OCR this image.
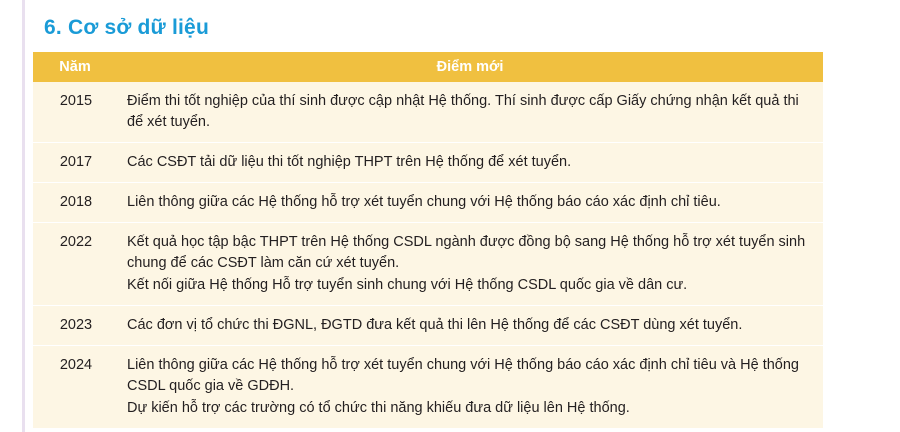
6. Cơ sở dữ liệu
Năm	Điểm mới
2015	Điểm thi tốt nghiệp của thí sinh được cập nhật Hệ thống. Thí sinh được cấp Giấy chứng nhận kết quả thi để xét tuyển.

2017	Các CSĐT tải dữ liệu thi tốt nghiệp THPT trên Hệ thống để xét tuyển.

2018	Liên thông giữa các Hệ thống hỗ trợ xét tuyển chung với Hệ thống báo cáo xác định chỉ tiêu.

2022	Kết quả học tập bậc THPT trên Hệ thống CSDL ngành được đồng bộ sang Hệ thống hỗ trợ xét tuyển sinh chung để các CSĐT làm căn cứ xét tuyển.

Kết nối giữa Hệ thống Hỗ trợ tuyển sinh chung với Hệ thống CSDL quốc gia về dân cư.

2023	Các đơn vị tổ chức thi ĐGNL, ĐGTD đưa kết quả thi lên Hệ thống để các CSĐT dùng xét tuyển.

2024	Liên thông giữa các Hệ thống hỗ trợ xét tuyển chung với Hệ thống báo cáo xác định chỉ tiêu và Hệ thống CSDL quốc gia về GDĐH.

Dự kiến hỗ trợ các trường có tổ chức thi năng khiếu đưa dữ liệu lên Hệ thống.
